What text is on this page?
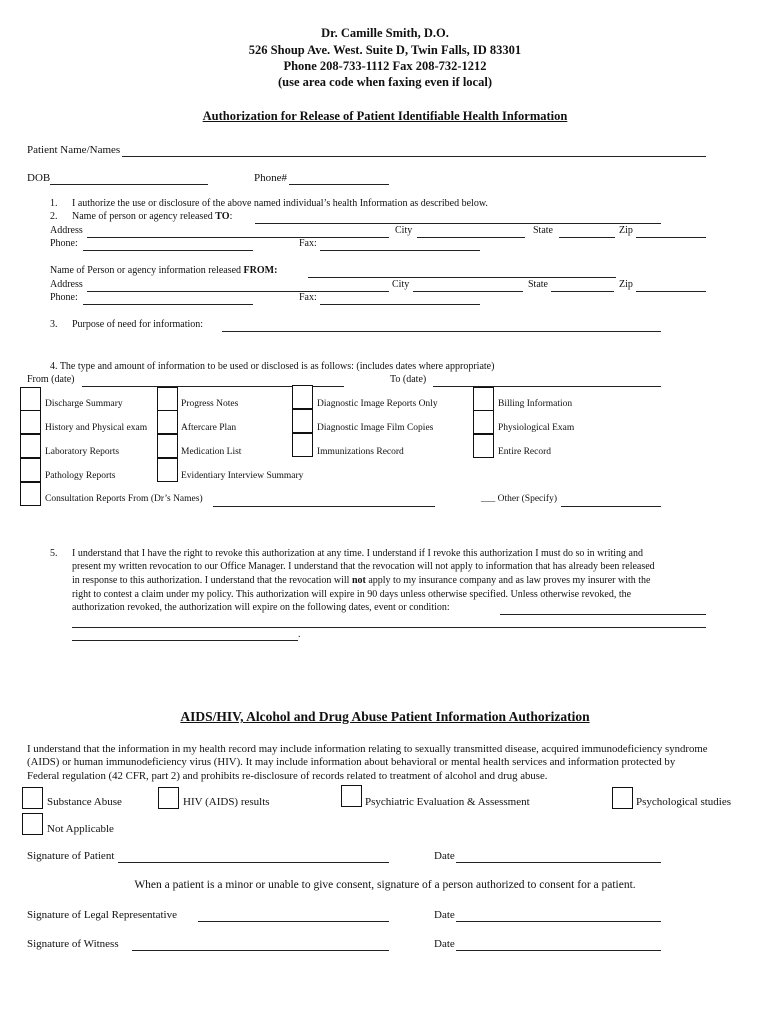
Dr. Camille Smith, D.O.
526 Shoup Ave. West. Suite D, Twin Falls, ID 83301
Phone 208-733-1112 Fax 208-732-1212
(use area code when faxing even if local)
Authorization for Release of Patient Identifiable Health Information
Patient Name/Names
DOB	Phone#
1. I authorize the use or disclosure of the above named individual’s health Information as described below.
2. Name of person or agency released TO:
Address	City	State	Zip
Phone:	Fax:
Name of Person or agency information released FROM:
Address	City	State	Zip
Phone:	Fax:
3. Purpose of need for information:
4. The type and amount of information to be used or disclosed is as follows: (includes dates where appropriate)
From (date)	To (date)
Discharge Summary	Progress Notes	Diagnostic Image Reports Only	Billing Information
History and Physical exam	Aftercare Plan	Diagnostic Image Film Copies	Physiological Exam
Laboratory Reports	Medication List	Immunizations Record	Entire Record
Pathology Reports	Evidentiary Interview Summary
Consultation Reports From (Dr’s Names)	___ Other (Specify)
5. I understand that I have the right to revoke this authorization at any time. I understand if I revoke this authorization I must do so in writing and
present my written revocation to our Office Manager. I understand that the revocation will not apply to information that has already been released
in response to this authorization. I understand that the revocation will not apply to my insurance company and as law proves my insurer with the
right to contest a claim under my policy. This authorization will expire in 90 days unless otherwise specified. Unless otherwise revoked, the
authorization revoked, the authorization will expire on the following dates, event or condition:
.
AIDS/HIV, Alcohol and Drug Abuse Patient Information Authorization
I understand that the information in my health record may include information relating to sexually transmitted disease, acquired immunodeficiency syndrome
(AIDS) or human immunodeficiency virus (HIV). It may include information about behavioral or mental health services and information protected by
Federal regulation (42 CFR, part 2) and prohibits re-disclosure of records related to treatment of alcohol and drug abuse.
Substance Abuse	HIV (AIDS) results	Psychiatric Evaluation & Assessment	Psychological studies
Not Applicable
Signature of Patient	Date
When a patient is a minor or unable to give consent, signature of a person authorized to consent for a patient.
Signature of Legal Representative	Date
Signature of Witness	Date
